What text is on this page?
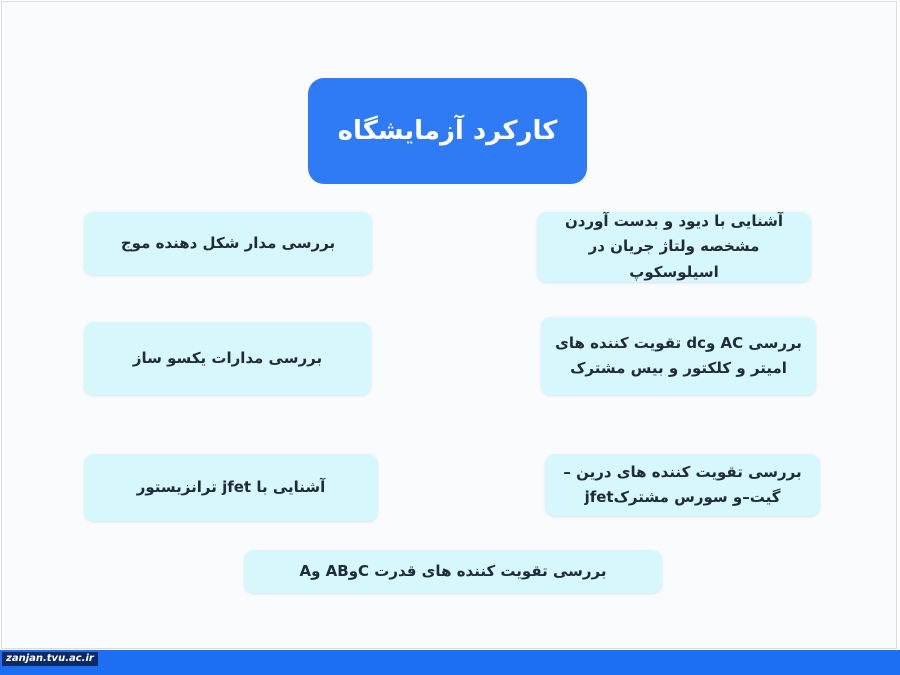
کارکرد آزمایشگاه
بررسی مدار شکل دهنده موج
آشنایی با دیود و بدست آوردن
مشخصه ولتاژ جریان در اسیلوسکوپ
بررسی مدارات یکسو ساز
بررسی AC وdc تقویت کننده های
امیتر و کلکتور و بیس مشترک
آشنایی با jfet ترانزیستور
بررسی تقویت کننده های درین –
گیت–و سورس مشترکjfet
بررسی تقویت کننده های قدرت CوAB وA
zanjan.tvu.ac.ir
